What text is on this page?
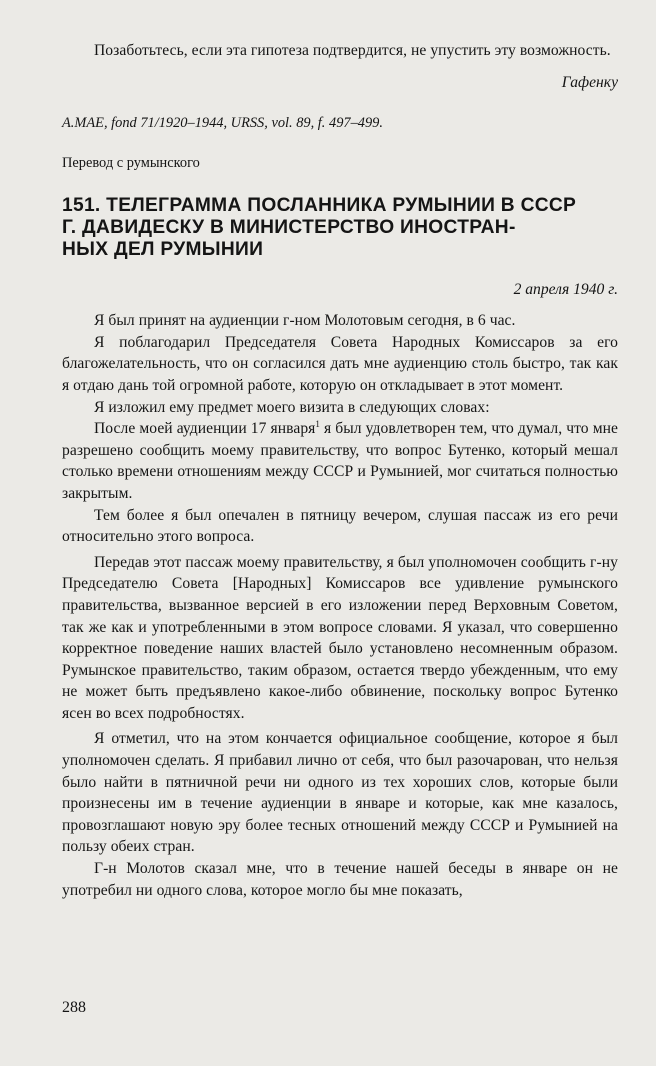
Позаботьтесь, если эта гипотеза подтвердится, не упустить эту возможность.

Гафенку
A.MAE, fond 71/1920–1944, URSS, vol. 89, f. 497–499.
Перевод с румынского
151. ТЕЛЕГРАММА ПОСЛАННИКА РУМЫНИИ В СССР
Г. ДАВИДЕСКУ В МИНИСТЕРСТВО ИНОСТРАН-
НЫХ ДЕЛ РУМЫНИИ
2 апреля 1940 г.

Я был принят на аудиенции г-ном Молотовым сегодня, в 6 час.

Я поблагодарил Председателя Совета Народных Комиссаров за его благожелательность, что он согласился дать мне аудиенцию столь быстро, так как я отдаю дань той огромной работе, которую он откладывает в этот момент.

Я изложил ему предмет моего визита в следующих словах:

После моей аудиенции 17 января$^1$ я был удовлетворен тем, что думал, что мне разрешено сообщить моему правительству, что вопрос Бутенко, который мешал столько времени отношениям между СССР и Румынией, мог считаться полностью закрытым.

Тем более я был опечален в пятницу вечером, слушая пассаж из его речи относительно этого вопроса.

Передав этот пассаж моему правительству, я был уполномочен сообщить г-ну Председателю Совета [Народных] Комиссаров все удивление румынского правительства, вызванное версией в его изложении перед Верховным Советом, так же как и употребленными в этом вопросе словами. Я указал, что совершенно корректное поведение наших властей было установлено несомненным образом. Румынское правительство, таким образом, остается твердо убежденным, что ему не может быть предъявлено какое-либо обвинение, поскольку вопрос Бутенко ясен во всех подробностях.

Я отметил, что на этом кончается официальное сообщение, которое я был уполномочен сделать. Я прибавил лично от себя, что был разочарован, что нельзя было найти в пятничной речи ни одного из тех хороших слов, которые были произнесены им в течение аудиенции в январе и которые, как мне казалось, провозглашают новую эру более тесных отношений между СССР и Румынией на пользу обеих стран.

Г-н Молотов сказал мне, что в течение нашей беседы в январе он не употребил ни одного слова, которое могло бы мне показать,

288
